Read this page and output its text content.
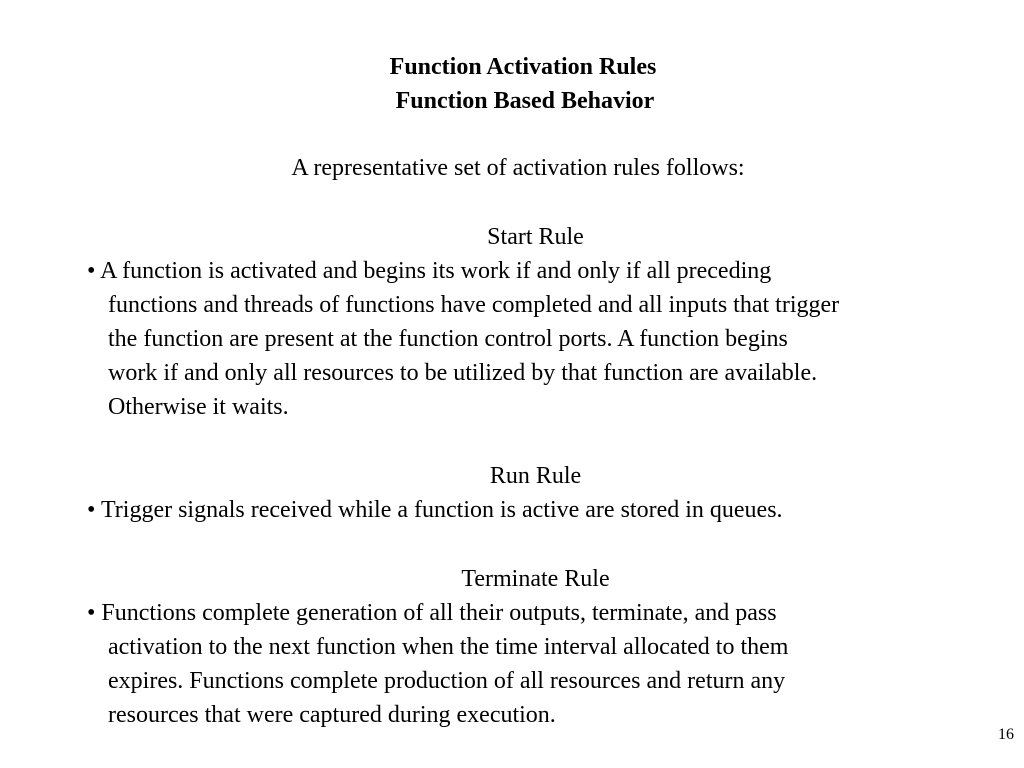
Function Activation Rules
Function Based Behavior
A representative set of activation rules follows:
Start Rule
• A function is activated and begins its work if and only if all preceding
functions and threads of functions have completed and all inputs that trigger
the function are present at the function control ports. A function begins
work if and only all resources to be utilized by that function are available.
Otherwise it waits.
Run Rule
• Trigger signals received while a function is active are stored in queues.
Terminate Rule
• Functions complete generation of all their outputs, terminate, and pass
activation to the next function when the time interval allocated to them
expires. Functions complete production of all resources and return any
resources that were captured during execution.
16
